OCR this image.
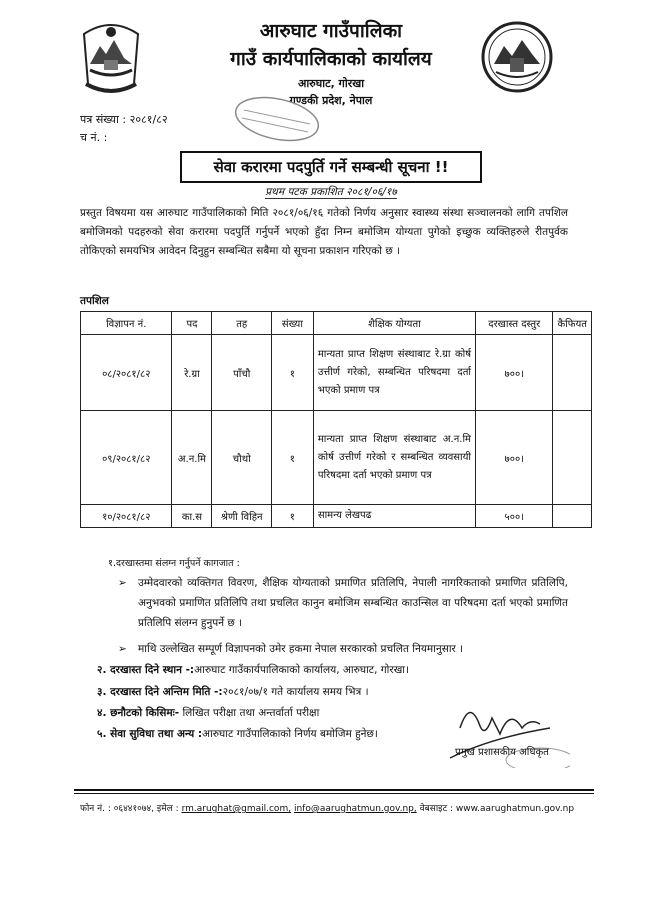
आरुघाट गाउँपालिका
गाउँ कार्यपालिकाको कार्यालय
आरुघाट, गोरखा
गण्डकी प्रदेश, नेपाल
पत्र संख्या : २०८१/८२
च नं. :
सेवा करारमा पदपुर्ति गर्ने सम्बन्धी सूचना !!
प्रथम पटक प्रकाशित २०८१/०६/१७
प्रस्तुत विषयमा यस आरुघाट गाउँपालिकाको मिति २०८१/०६/१६ गतेको निर्णय अनुसार स्वास्थ्य संस्था सञ्चालनको लागि तपशिल बमोजिमको पदहरुको सेवा करारमा पदपुर्ति गर्नुपर्ने भएको हुँदा निम्न बमोजिम योग्यता पुगेको इच्छुक व्यक्तिहरुले रीतपुर्वक तोकिएको समयभित्र आवेदन दिनुहुन सम्बन्धित सबैमा यो सूचना प्रकाशन गरिएको छ ।
तपशिल
विज्ञापन नं.	पद	तह	संख्या	शैक्षिक योग्यता	दरखास्त दस्तुर	कैफियत
०८/२०८१/८२	रे.ग्रा	पाँचौ	१	मान्यता प्राप्त शिक्षण संस्थाबाट रे.ग्रा कोर्ष उत्तीर्ण गरेको, सम्बन्धित परिषदमा दर्ता भएको प्रमाण पत्र	७००।	
०९/२०८१/८२	अ.न.मि	चौथो	१	मान्यता प्राप्त शिक्षण संस्थाबाट अ.न.मि कोर्ष उत्तीर्ण गरेको र सम्बन्धित व्यवसायी परिषदमा दर्ता भएको प्रमाण पत्र	७००।	
१०/२०८१/८२	का.स	श्रेणी विहिन	१	सामन्य लेखपढ	५००।	
१.दरखास्तमा संलग्न गर्नुपर्ने कागजात :
➢ उम्मेदवारको व्यक्तिगत विवरण, शैक्षिक योग्यताको प्रमाणित प्रतिलिपि, नेपाली नागरिकताको प्रमाणित प्रतिलिपि, अनुभवको प्रमाणित प्रतिलिपि तथा प्रचलित कानुन बमोजिम सम्बन्धित काउन्सिल वा परिषदमा दर्ता भएको प्रमाणित प्रतिलिपि संलग्न हुनुपर्ने छ ।
➢ माथि उल्लेखित सम्पूर्ण विज्ञापनको उमेर हकमा नेपाल सरकारको प्रचलित नियमानुसार ।
२. दरखास्त दिने स्थान -:आरुघाट गाउँकार्यपालिकाको कार्यालय, आरुघाट, गोरखा।
३. दरखास्त दिने अन्तिम मिति -:२०८१/०७/१ गते कार्यालय समय भित्र ।
४. छनौटको किसिमः- लिखित परीक्षा तथा अन्तर्वार्ता परीक्षा
५. सेवा सुविधा तथा अन्य :आरुघाट गाउँपालिकाको निर्णय बमोजिम हुनेछ।
प्रमुख प्रशासकीय अधिकृत
फोन नं. : ०६४४१०७४, इमेल : rm.arughat@gmail.com, info@aarughatmun.gov.np, वेबसाइट : www.aarughatmun.gov.np
